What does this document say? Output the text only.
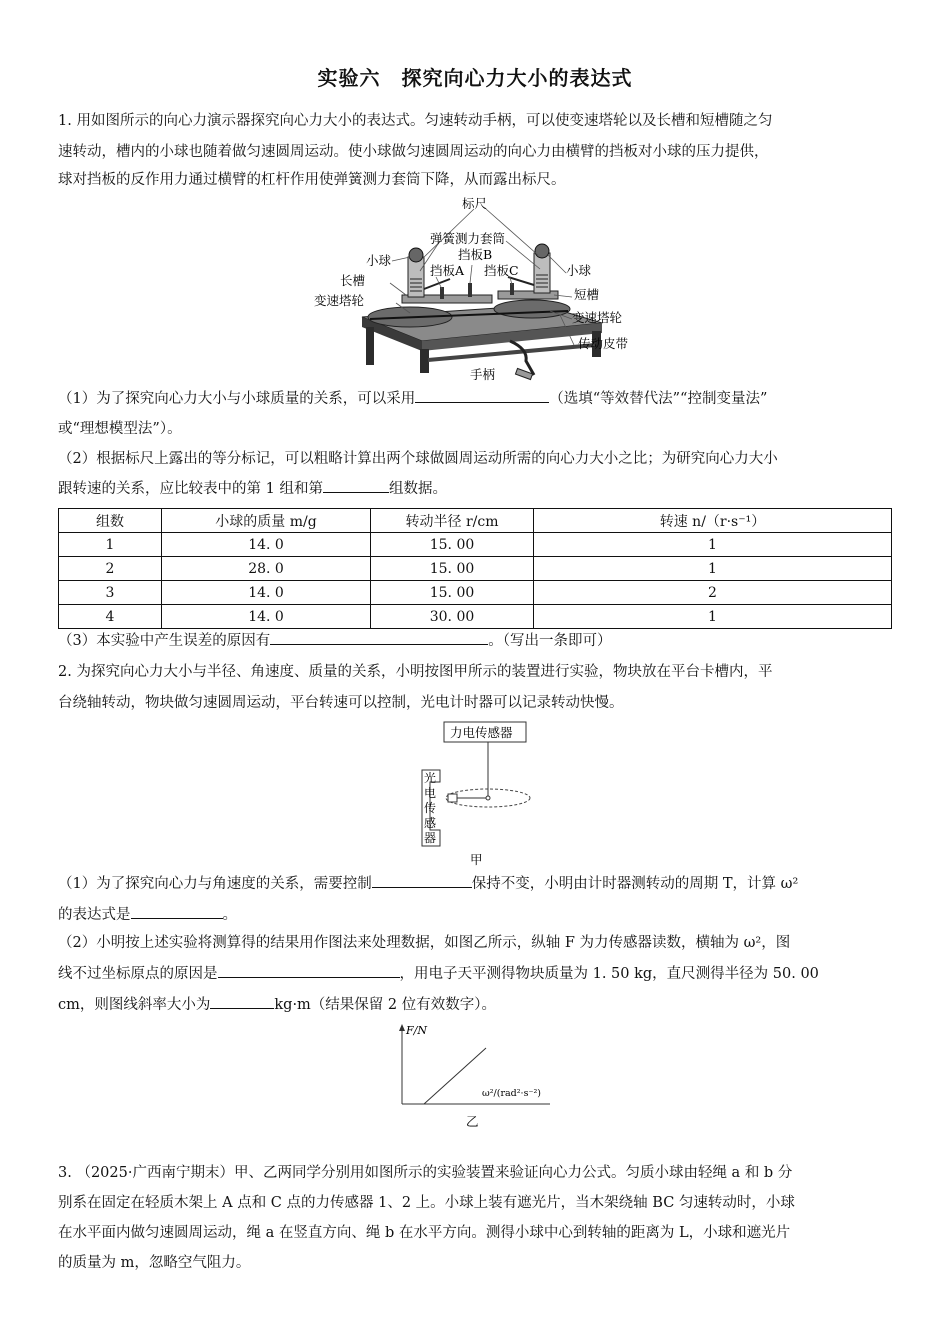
实验六　探究向心力大小的表达式
1. 用如图所示的向心力演示器探究向心力大小的表达式。匀速转动手柄，可以使变速塔轮以及长槽和短槽随之匀
速转动，槽内的小球也随着做匀速圆周运动。使小球做匀速圆周运动的向心力由横臂的挡板对小球的压力提供，
球对挡板的反作用力通过横臂的杠杆作用使弹簧测力套筒下降，从而露出标尺。
标尺
弹簧测力套筒
挡板B
挡板A 挡板C
小球
长槽
变速塔轮
小球
短槽
变速塔轮
传动皮带
手柄
（1）为了探究向心力大小与小球质量的关系，可以采用	（选填“等效替代法”“控制变量法”
或“理想模型法”）。
（2）根据标尺上露出的等分标记，可以粗略计算出两个球做圆周运动所需的向心力大小之比；为研究向心力大小
跟转速的关系，应比较表中的第 1 组和第	组数据。
组数	小球的质量 m/g	转动半径 r/cm	转速 n/（r·s⁻¹）
1	14. 0	15. 00	1
2	28. 0	15. 00	1
3	14. 0	15. 00	2
4	14. 0	30. 00	1
（3）本实验中产生误差的原因有	。（写出一条即可）
2. 为探究向心力大小与半径、角速度、质量的关系，小明按图甲所示的装置进行实验，物块放在平台卡槽内，平
台绕轴转动，物块做匀速圆周运动，平台转速可以控制，光电计时器可以记录转动快慢。
力电传感器
光
电
传
感
器
甲
（1）为了探究向心力与角速度的关系，需要控制	保持不变，小明由计时器测转动的周期 T，计算 ω²
的表达式是	。
（2）小明按上述实验将测算得的结果用作图法来处理数据，如图乙所示，纵轴 F 为力传感器读数，横轴为 ω²，图
线不过坐标原点的原因是	，用电子天平测得物块质量为 1. 50 kg，直尺测得半径为 50. 00
cm，则图线斜率大小为	kg·m（结果保留 2 位有效数字）。
F/N
ω²/(rad²·s⁻²)
乙
3. （2025·广西南宁期末）甲、乙两同学分别用如图所示的实验装置来验证向心力公式。匀质小球由轻绳 a 和 b 分
别系在固定在轻质木架上 A 点和 C 点的力传感器 1、2 上。小球上装有遮光片，当木架绕轴 BC 匀速转动时，小球
在水平面内做匀速圆周运动，绳 a 在竖直方向、绳 b 在水平方向。测得小球中心到转轴的距离为 L，小球和遮光片
的质量为 m，忽略空气阻力。
